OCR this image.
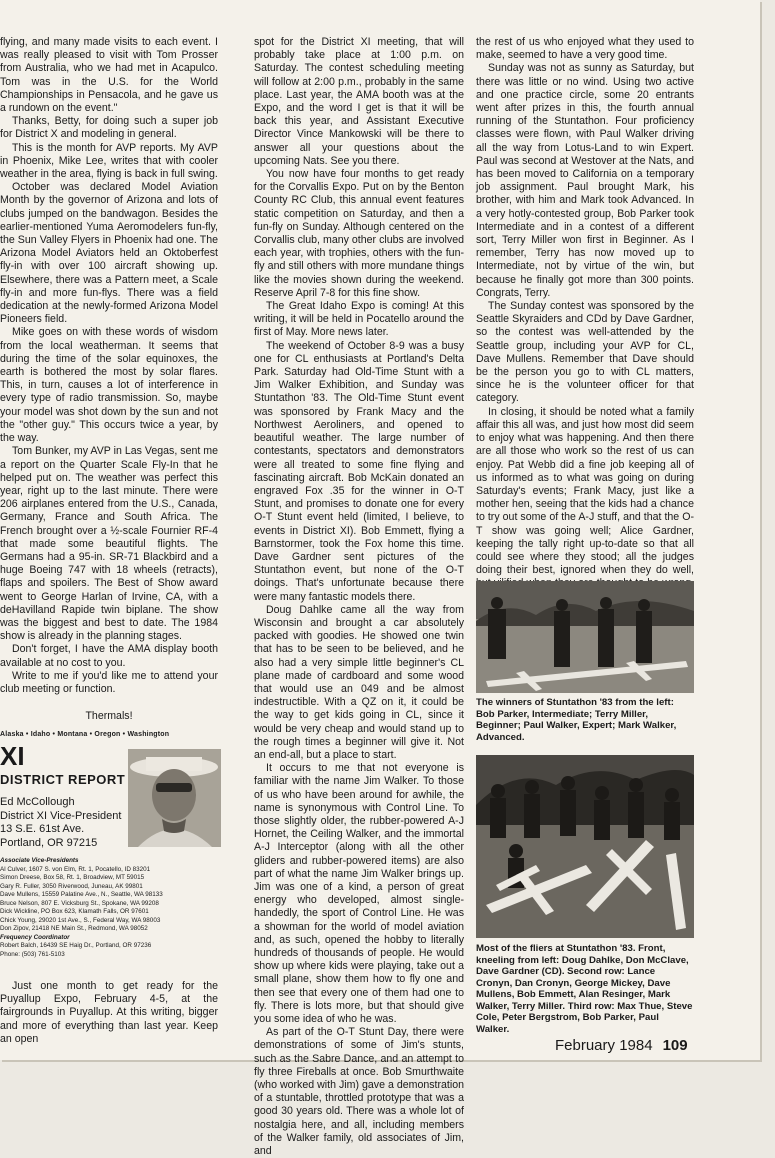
flying, and many made visits to each event. I was really pleased to visit with Tom Prosser from Australia, who we had met in Acapulco. Tom was in the U.S. for the World Championships in Pensacola, and he gave us a rundown on the event."

Thanks, Betty, for doing such a super job for District X and modeling in general.

This is the month for AVP reports. My AVP in Phoenix, Mike Lee, writes that with cooler weather in the area, flying is back in full swing.

October was declared Model Aviation Month by the governor of Arizona and lots of clubs jumped on the bandwagon. Besides the earlier-mentioned Yuma Aeromodelers fun-fly, the Sun Valley Flyers in Phoenix had one. The Arizona Model Aviators held an Oktoberfest fly-in with over 100 aircraft showing up. Elsewhere, there was a Pattern meet, a Scale fly-in and more fun-flys. There was a field dedication at the newly-formed Arizona Model Pioneers field.

Mike goes on with these words of wisdom from the local weatherman. It seems that during the time of the solar equinoxes, the earth is bothered the most by solar flares. This, in turn, causes a lot of interference in every type of radio transmission. So, maybe your model was shot down by the sun and not the "other guy." This occurs twice a year, by the way.

Tom Bunker, my AVP in Las Vegas, sent me a report on the Quarter Scale Fly-In that he helped put on. The weather was perfect this year, right up to the last minute. There were 206 airplanes entered from the U.S., Canada, Germany, France and South Africa. The French brought over a ½-scale Fournier RF-4 that made some beautiful flights. The Germans had a 95-in. SR-71 Blackbird and a huge Boeing 747 with 18 wheels (retracts), flaps and spoilers. The Best of Show award went to George Harlan of Irvine, CA, with a deHavilland Rapide twin biplane. The show was the biggest and best to date. The 1984 show is already in the planning stages.

Don't forget, I have the AMA display booth available at no cost to you.

Write to me if you'd like me to attend your club meeting or function.

Thermals!

Alaska • Idaho • Montana • Oregon • Washington
XI
DISTRICT REPORT
Ed McCollough
District XI Vice-President
13 S.E. 61st Ave.
Portland, OR 97215
Associate Vice-Presidents
Al Culver, 1607 S. von Elm, Rt. 1, Pocatello, ID 83201
Simon Dreese, Box 58, Rt. 1, Broadview, MT 59015
Gary R. Fuller, 3050 Riverwood, Juneau, AK 99801
Dave Mullens, 15559 Palatine Ave., N., Seattle, WA 98133
Bruce Nelson, 807 E. Vicksburg St., Spokane, WA 99208
Dick Wickline, PO Box 623, Klamath Falls, OR 97601
Chick Young, 29020 1st Ave., S., Federal Way, WA 98003
Don Zipov, 21418 NE Main St., Redmond, WA 98052
Frequency Coordinator
Robert Balch, 16439 SE Haig Dr., Portland, OR 97236
Phone: (503) 761-5103

Just one month to get ready for the Puyallup Expo, February 4-5, at the fairgrounds in Puyallup. At this writing, bigger and more of everything than last year. Keep an open

spot for the District XI meeting, that will probably take place at 1:00 p.m. on Saturday. The contest scheduling meeting will follow at 2:00 p.m., probably in the same place. Last year, the AMA booth was at the Expo, and the word I get is that it will be back this year, and Assistant Executive Director Vince Mankowski will be there to answer all your questions about the upcoming Nats. See you there.

You now have four months to get ready for the Corvallis Expo. Put on by the Benton County RC Club, this annual event features static competition on Saturday, and then a fun-fly on Sunday. Although centered on the Corvallis club, many other clubs are involved each year, with trophies, others with the fun-fly and still others with more mundane things like the movies shown during the weekend. Reserve April 7-8 for this fine show.

The Great Idaho Expo is coming! At this writing, it will be held in Pocatello around the first of May. More news later.

The weekend of October 8-9 was a busy one for CL enthusiasts at Portland's Delta Park. Saturday had Old-Time Stunt with a Jim Walker Exhibition, and Sunday was Stuntathon '83. The Old-Time Stunt event was sponsored by Frank Macy and the Northwest Aeroliners, and opened to beautiful weather. The large number of contestants, spectators and demonstrators were all treated to some fine flying and fascinating aircraft. Bob McKain donated an engraved Fox .35 for the winner in O-T Stunt, and promises to donate one for every O-T Stunt event held (limited, I believe, to events in District XI). Bob Emmett, flying a Barnstormer, took the Fox home this time. Dave Gardner sent pictures of the Stuntathon event, but none of the O-T doings. That's unfortunate because there were many fantastic models there.

Doug Dahlke came all the way from Wisconsin and brought a car absolutely packed with goodies. He showed one twin that has to be seen to be believed, and he also had a very simple little beginner's CL plane made of cardboard and some wood that would use an 049 and be almost indestructible. With a QZ on it, it could be the way to get kids going in CL, since it would be very cheap and would stand up to the rough times a beginner will give it. Not an end-all, but a place to start.

It occurs to me that not everyone is familiar with the name Jim Walker. To those of us who have been around for awhile, the name is synonymous with Control Line. To those slightly older, the rubber-powered A-J Hornet, the Ceiling Walker, and the immortal A-J Interceptor (along with all the other gliders and rubber-powered items) are also part of what the name Jim Walker brings up. Jim was one of a kind, a person of great energy who developed, almost single-handedly, the sport of Control Line. He was a showman for the world of model aviation and, as such, opened the hobby to literally hundreds of thousands of people. He would show up where kids were playing, take out a small plane, show them how to fly one and then see that every one of them had one to fly. There is lots more, but that should give you some idea of who he was.

As part of the O-T Stunt Day, there were demonstrations of some of Jim's stunts, such as the Sabre Dance, and an attempt to fly three Fireballs at once. Bob Smurthwaite (who worked with Jim) gave a demonstration of a stuntable, throttled prototype that was a good 30 years old. There was a whole lot of nostalgia here, and all, including members of the Walker family, old associates of Jim, and

the rest of us who enjoyed what they used to make, seemed to have a very good time.

Sunday was not as sunny as Saturday, but there was little or no wind. Using two active and one practice circle, some 20 entrants went after prizes in this, the fourth annual running of the Stuntathon. Four proficiency classes were flown, with Paul Walker driving all the way from Lotus-Land to win Expert. Paul was second at Westover at the Nats, and has been moved to California on a temporary job assignment. Paul brought Mark, his brother, with him and Mark took Advanced. In a very hotly-contested group, Bob Parker took Intermediate and in a contest of a different sort, Terry Miller won first in Beginner. As I remember, Terry has now moved up to Intermediate, not by virtue of the win, but because he finally got more than 300 points. Congrats, Terry.

The Sunday contest was sponsored by the Seattle Skyraiders and CDd by Dave Gardner, so the contest was well-attended by the Seattle group, including your AVP for CL, Dave Mullens. Remember that Dave should be the person you go to with CL matters, since he is the volunteer officer for that category.

In closing, it should be noted what a family affair this all was, and just how most did seem to enjoy what was happening. And then there are all those who work so the rest of us can enjoy. Pat Webb did a fine job keeping all of us informed as to what was going on during Saturday's events; Frank Macy, just like a mother hen, seeing that the kids had a chance to try out some of the A-J stuff, and that the O-T show was going well; Alice Gardner, keeping the tally right up-to-date so that all could see where they stood; all the judges doing their best, ignored when they do well,

The winners of Stuntathon '83 from the left: Bob Parker, Intermediate; Terry Miller, Beginner; Paul Walker, Expert; Mark Walker, Advanced.
Most of the fliers at Stuntathon '83. Front, kneeling from left: Doug Dahlke, Don McClave, Dave Gardner (CD). Second row: Lance Cronyn, Dan Cronyn, George Mickey, Dave Mullens, Bob Emmett, Alan Resinger, Mark Walker, Terry Miller. Third row: Max Thue, Steve Cole, Peter Bergstrom, Bob Parker, Paul Walker.
February 1984 109
